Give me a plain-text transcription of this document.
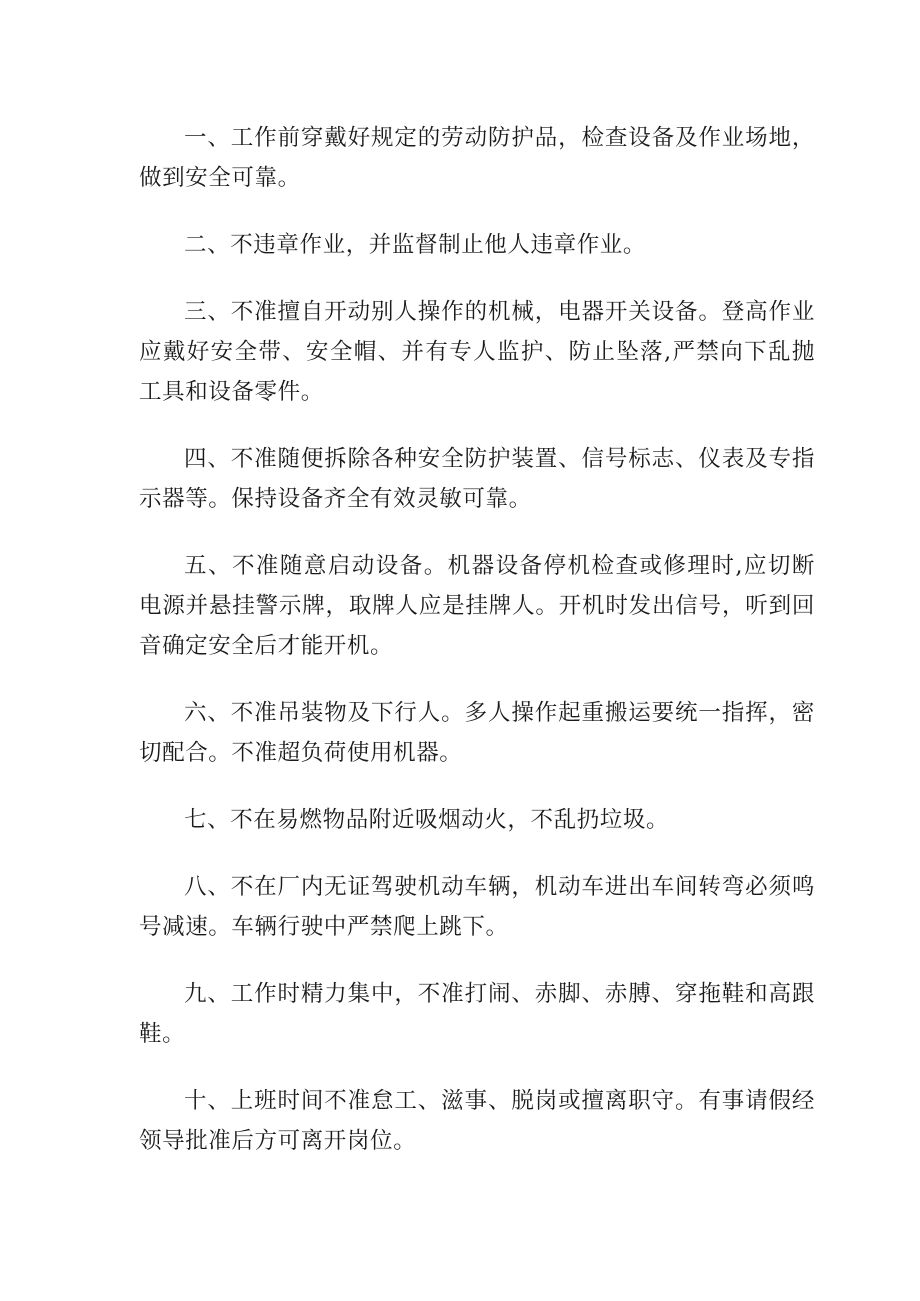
一、工作前穿戴好规定的劳动防护品，检查设备及作业场地，做到安全可靠。

二、不违章作业，并监督制止他人违章作业。

三、不准擅自开动别人操作的机械，电器开关设备。登高作业应戴好安全带、安全帽、并有专人监护、防止坠落,严禁向下乱抛工具和设备零件。

四、不准随便拆除各种安全防护装置、信号标志、仪表及专指示器等。保持设备齐全有效灵敏可靠。

五、不准随意启动设备。机器设备停机检查或修理时,应切断电源并悬挂警示牌，取牌人应是挂牌人。开机时发出信号，听到回音确定安全后才能开机。

六、不准吊装物及下行人。多人操作起重搬运要统一指挥，密切配合。不准超负荷使用机器。

七、不在易燃物品附近吸烟动火，不乱扔垃圾。

八、不在厂内无证驾驶机动车辆，机动车进出车间转弯必须鸣号减速。车辆行驶中严禁爬上跳下。

九、工作时精力集中，不准打闹、赤脚、赤膊、穿拖鞋和高跟鞋。

十、上班时间不准怠工、滋事、脱岗或擅离职守。有事请假经领导批准后方可离开岗位。
